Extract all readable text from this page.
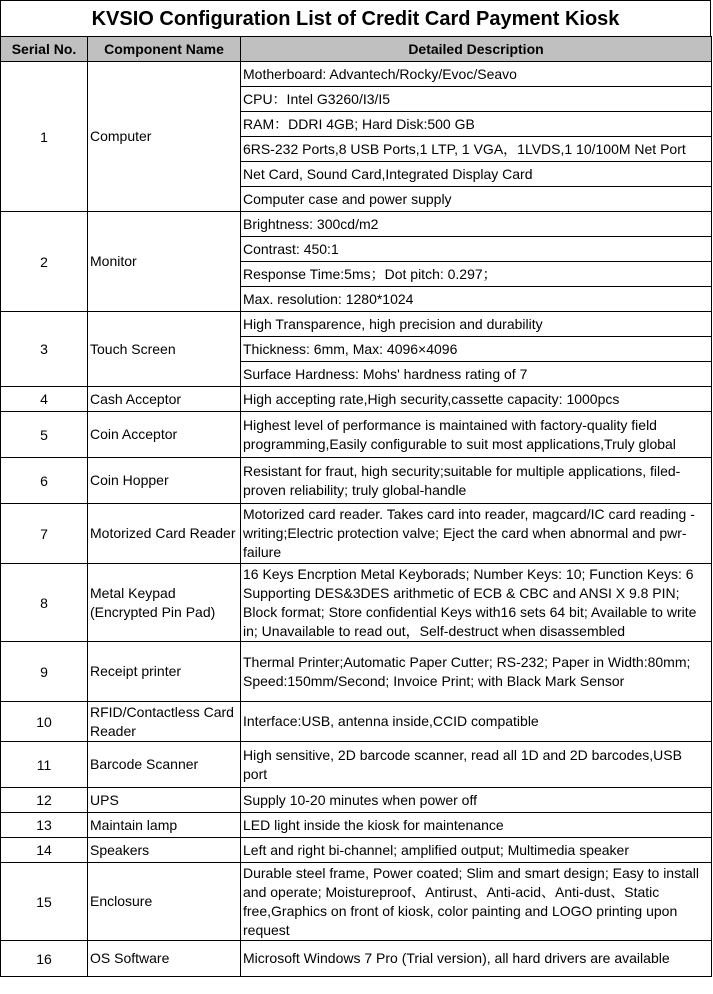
KVSIO Configuration List of Credit Card Payment Kiosk
Serial No.	Component Name	Detailed Description
1	Computer	Motherboard: Advantech/Rocky/Evoc/Seavo
		CPU：Intel G3260/I3/I5
		RAM：DDRI 4GB; Hard Disk:500 GB
		6RS-232 Ports,8 USB Ports,1 LTP, 1 VGA，1LVDS,1 10/100M Net Port
		Net Card, Sound Card,Integrated Display Card
		Computer case and power supply
2	Monitor	Brightness: 300cd/m2
		Contrast: 450:1
		Response Time:5ms；Dot pitch: 0.297；
		Max. resolution: 1280*1024
3	Touch Screen	High Transparence, high precision and durability
		Thickness: 6mm, Max: 4096×4096
		Surface Hardness: Mohs' hardness rating of 7
4	Cash Acceptor	High accepting rate,High security,cassette capacity: 1000pcs
5	Coin Acceptor	Highest level of performance is maintained with factory-quality field programming,Easily configurable to suit most applications,Truly global
6	Coin Hopper	Resistant for fraut, high security;suitable for multiple applications, filed-proven reliability; truly global-handle
7	Motorized Card Reader	Motorized card reader. Takes card into reader, magcard/IC card reading - writing;Electric protection valve; Eject the card when abnormal and pwr-failure
8	Metal Keypad (Encrypted Pin Pad)	16 Keys Encrption Metal Keyborads; Number Keys: 10; Function Keys: 6 Supporting DES&3DES arithmetic of ECB & CBC and ANSI X 9.8 PIN; Block format; Store confidential Keys with16 sets 64 bit; Available to write in; Unavailable to read out，Self-destruct when disassembled
9	Receipt printer	Thermal Printer;Automatic Paper Cutter; RS-232; Paper in Width:80mm; Speed:150mm/Second; Invoice Print; with Black Mark Sensor
10	RFID/Contactless Card Reader	Interface:USB, antenna inside,CCID compatible
11	Barcode Scanner	High sensitive, 2D barcode scanner, read all 1D and 2D barcodes,USB port
12	UPS	Supply 10-20 minutes when power off
13	Maintain lamp	LED light inside the kiosk for maintenance
14	Speakers	Left and right bi-channel; amplified output; Multimedia speaker
15	Enclosure	Durable steel frame, Power coated; Slim and smart design; Easy to install and operate; Moistureproof、Antirust、Anti-acid、Anti-dust、Static free,Graphics on front of kiosk, color painting and LOGO printing upon request
16	OS Software	Microsoft Windows 7 Pro (Trial version), all hard drivers are available
